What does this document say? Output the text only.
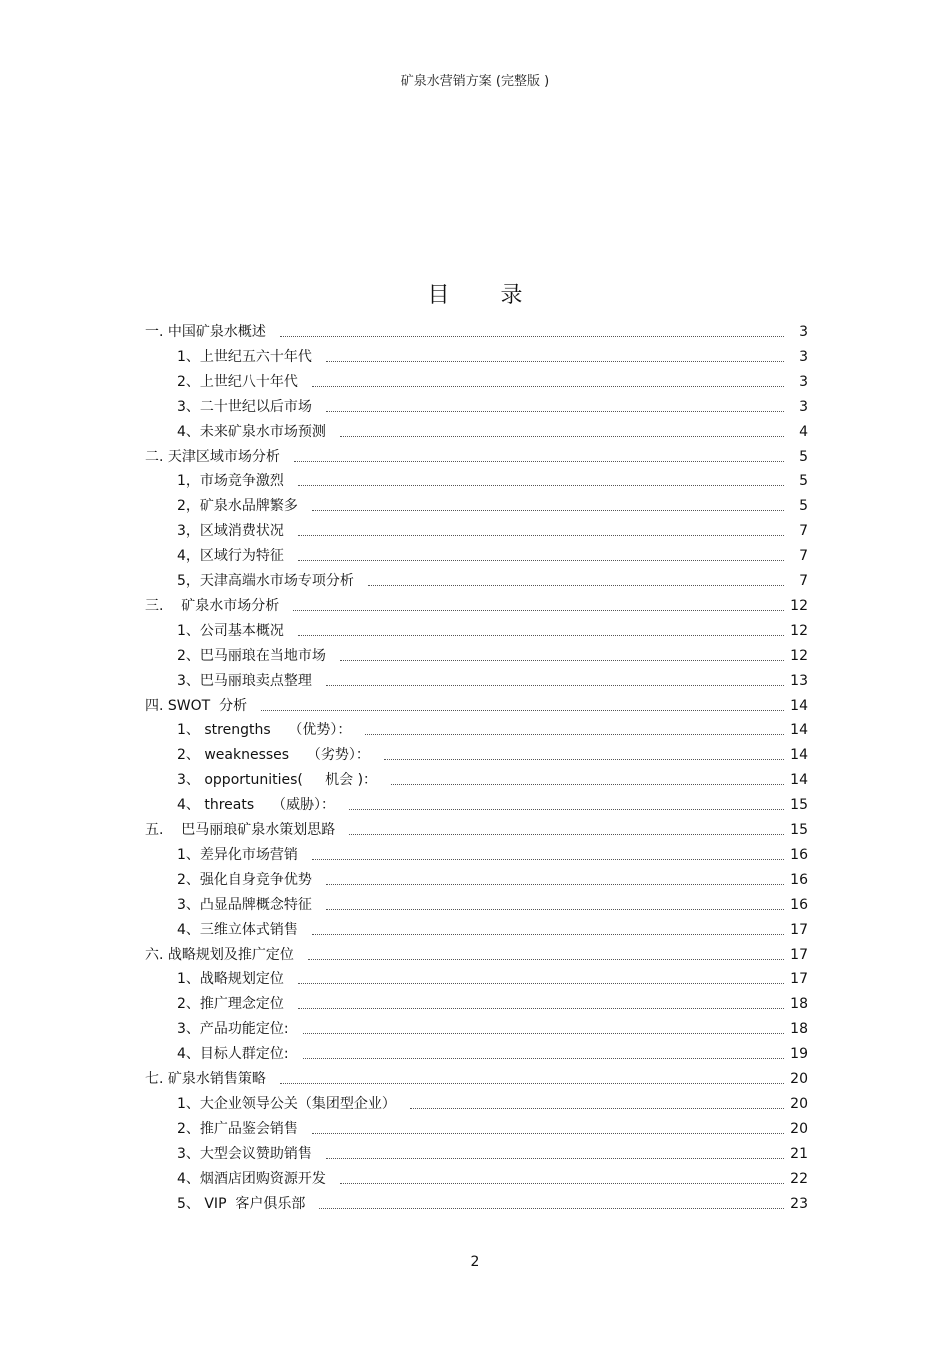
矿泉水营销方案 (完整版 )
目 录
一. 中国矿泉水概述	3
1、上世纪五六十年代	3
2、上世纪八十年代	3
3、二十世纪以后市场	3
4、未来矿泉水市场预测	4
二. 天津区域市场分析	5
1，市场竞争激烈	5
2，矿泉水品牌繁多	5
3，区域消费状况	7
4，区域行为特征	7
5，天津高端水市场专项分析	7
三.    矿泉水市场分析	12
1、公司基本概况	12
2、巴马丽琅在当地市场	12
3、巴马丽琅卖点整理	13
四. SWOT  分析	14
1、 strengths    （优势）：	14
2、 weaknesses    （劣势）：	14
3、 opportunities(     机会 )：	14
4、 threats    （威胁）：	15
五.    巴马丽琅矿泉水策划思路	15
1、差异化市场营销	16
2、强化自身竞争优势	16
3、凸显品牌概念特征	16
4、三维立体式销售	17
六. 战略规划及推广定位	17
1、战略规划定位	17
2、推广理念定位	18
3、产品功能定位:	18
4、目标人群定位:	19
七. 矿泉水销售策略	20
1、大企业领导公关（集团型企业）	20
2、推广品鉴会销售	20
3、大型会议赞助销售	21
4、烟酒店团购资源开发	22
5、 VIP  客户俱乐部	23
2
